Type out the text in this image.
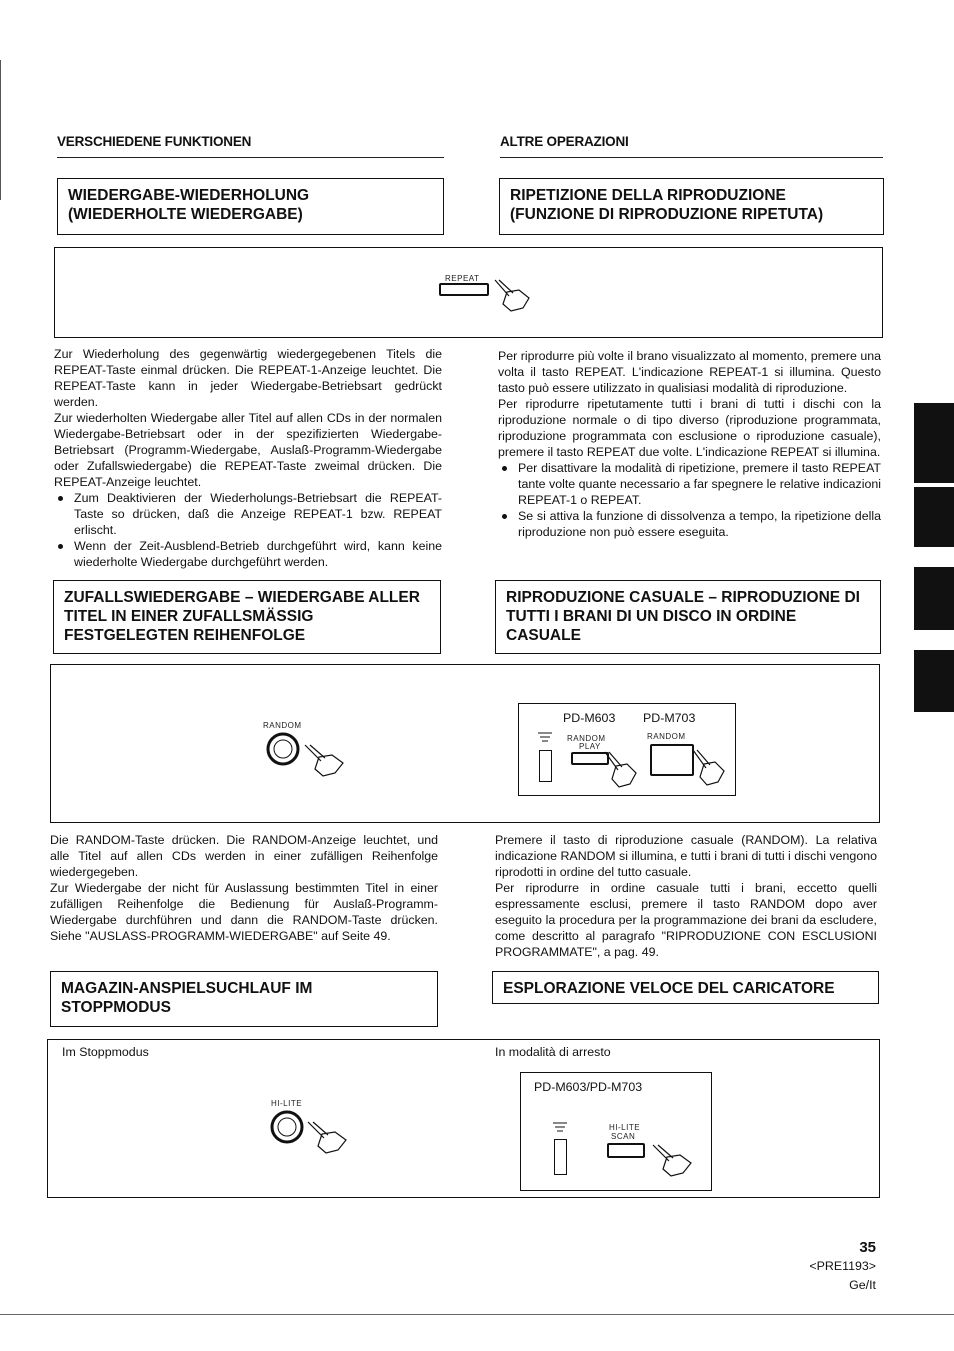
VERSCHIEDENE FUNKTIONEN	ALTRE OPERAZIONI
WIEDERGABE-WIEDERHOLUNG
(WIEDERHOLTE WIEDERGABE)
RIPETIZIONE DELLA RIPRODUZIONE
(FUNZIONE DI RIPRODUZIONE RIPETUTA)
REPEAT

Zur Wiederholung des gegenwärtig wiedergegebenen Titels die REPEAT-Taste einmal drücken. Die REPEAT-1-Anzeige leuchtet. Die REPEAT-Taste kann in jeder Wiedergabe-Betriebsart gedrückt werden.

Zur wiederholten Wiedergabe aller Titel auf allen CDs in der normalen Wiedergabe-Betriebsart oder in der spezifizierten Wiedergabe-Betriebsart (Programm-Wiedergabe, Auslaß-Programm-Wiedergabe oder Zufallswiedergabe) die REPEAT-Taste zweimal drücken. Die REPEAT-Anzeige leuchtet.

Zum Deaktivieren der Wiederholungs-Betriebsart die REPEAT-Taste so drücken, daß die Anzeige REPEAT-1 bzw. REPEAT erlischt.
Wenn der Zeit-Ausblend-Betrieb durchgeführt wird, kann keine wiederholte Wiedergabe durchgeführt werden.

Per riprodurre più volte il brano visualizzato al momento, premere una volta il tasto REPEAT. L'indicazione REPEAT-1 si illumina. Questo tasto può essere utilizzato in qualisiasi modalità di riproduzione.

Per riprodurre ripetutamente tutti i brani di tutti i dischi con la riproduzione normale o di tipo diverso (riproduzione programmata, riproduzione programmata con esclusione o riproduzione casuale), premere il tasto REPEAT due volte. L'indicazione REPEAT si illumina.

Per disattivare la modalità di ripetizione, premere il tasto REPEAT tante volte quante necessario a far spegnere le relative indicazioni REPEAT-1 o REPEAT.
Se si attiva la funzione di dissolvenza a tempo, la ripetizione della riproduzione non può essere eseguita.
ZUFALLSWIEDERGABE – WIEDERGABE ALLER
TITEL IN EINER ZUFALLSMÄSSIG
FESTGELEGTEN REIHENFOLGE
RIPRODUZIONE CASUALE – RIPRODUZIONE DI
TUTTI I BRANI DI UN DISCO IN ORDINE
CASUALE
RANDOM
PD-M603 PD-M703
RANDOM
PLAY
RANDOM

Die RANDOM-Taste drücken. Die RANDOM-Anzeige leuchtet, und alle Titel auf allen CDs werden in einer zufälligen Reihenfolge wiedergegeben.

Zur Wiedergabe der nicht für Auslassung bestimmten Titel in einer zufälligen Reihenfolge die Bedienung für Auslaß-Programm-Wiedergabe durchführen und dann die RANDOM-Taste drücken. Siehe "AUSLASS-PROGRAMM-WIEDERGABE" auf Seite 49.

Premere il tasto di riproduzione casuale (RANDOM). La relativa indicazione RANDOM si illumina, e tutti i brani di tutti i dischi vengono riprodotti in ordine del tutto casuale.

Per riprodurre in ordine casuale tutti i brani, eccetto quelli espressamente esclusi, premere il tasto RANDOM dopo aver eseguito la procedura per la programmazione dei brani da escludere, come descritto al paragrafo "RIPRODUZIONE CON ESCLUSIONI PROGRAMMATE", a pag. 49.

MAGAZIN-ANSPIELSUCHLAUF IM
STOPPMODUS
ESPLORAZIONE VELOCE DEL CARICATORE
Im Stoppmodus	In modalità di arresto
HI-LITE
PD-M603/PD-M703
HI-LITE
SCAN
35
<PRE1193>
Ge/It
